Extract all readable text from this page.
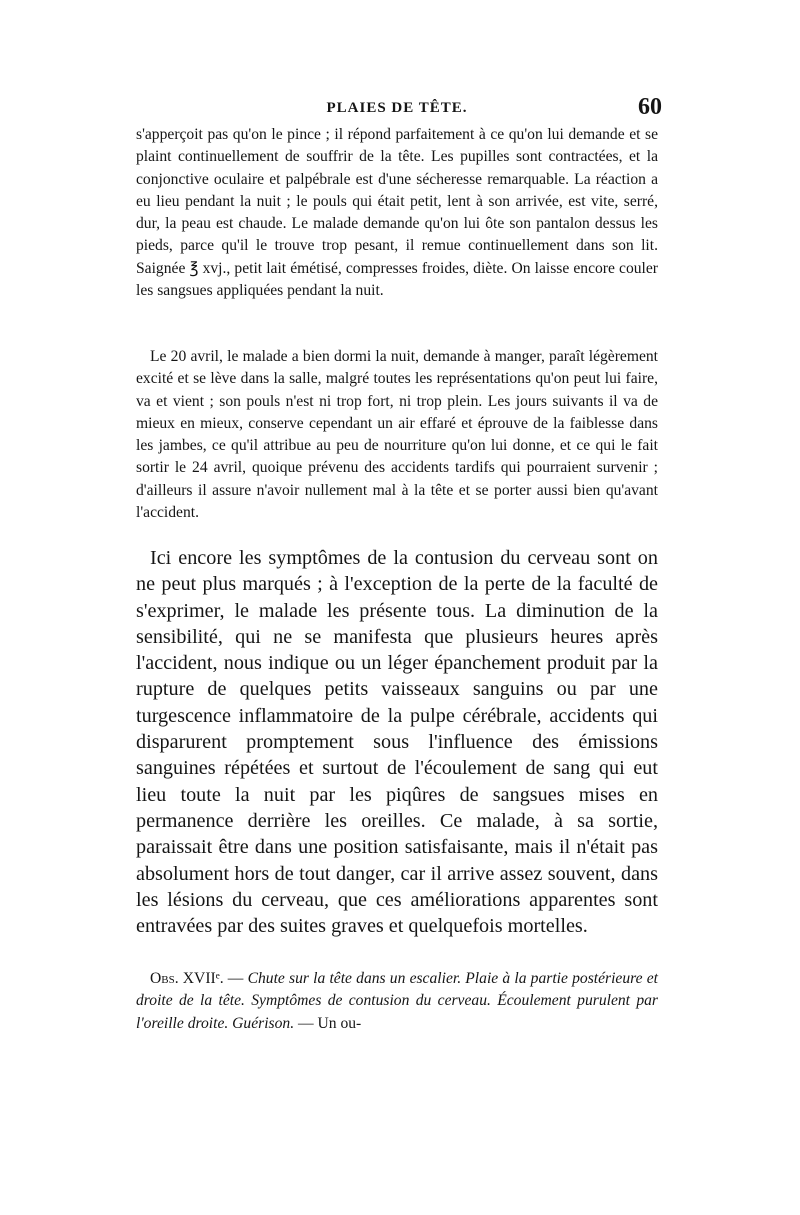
PLAIES DE TÊTE.	60

s'apperçoit pas qu'on le pince ; il répond parfaitement à ce qu'on lui demande et se plaint continuellement de souffrir de la tête. Les pupilles sont contractées, et la conjonctive oculaire et palpébrale est d'une sécheresse remarquable. La réaction a eu lieu pendant la nuit ; le pouls qui était petit, lent à son arrivée, est vite, serré, dur, la peau est chaude. Le malade demande qu'on lui ôte son pantalon dessus les pieds, parce qu'il le trouve trop pesant, il remue continuellement dans son lit. Saignée ℥ xvj., petit lait émétisé, compresses froides, diète. On laisse encore couler les sangsues appliquées pendant la nuit.

Le 20 avril, le malade a bien dormi la nuit, demande à manger, paraît légèrement excité et se lève dans la salle, malgré toutes les représentations qu'on peut lui faire, va et vient ; son pouls n'est ni trop fort, ni trop plein. Les jours suivants il va de mieux en mieux, conserve cependant un air effaré et éprouve de la faiblesse dans les jambes, ce qu'il attribue au peu de nourriture qu'on lui donne, et ce qui le fait sortir le 24 avril, quoique prévenu des accidents tardifs qui pourraient survenir ; d'ailleurs il assure n'avoir nullement mal à la tête et se porter aussi bien qu'avant l'accident.

Ici encore les symptômes de la contusion du cerveau sont on ne peut plus marqués ; à l'exception de la perte de la faculté de s'exprimer, le malade les présente tous. La diminution de la sensibilité, qui ne se manifesta que plusieurs heures après l'accident, nous indique ou un léger épanchement produit par la rupture de quelques petits vaisseaux sanguins ou par une turgescence inflammatoire de la pulpe cérébrale, accidents qui disparurent promptement sous l'influence des émissions sanguines répétées et surtout de l'écoulement de sang qui eut lieu toute la nuit par les piqûres de sangsues mises en permanence derrière les oreilles. Ce malade, à sa sortie, paraissait être dans une position satisfaisante, mais il n'était pas absolument hors de tout danger, car il arrive assez souvent, dans les lésions du cerveau, que ces améliorations apparentes sont entravées par des suites graves et quelquefois mortelles.

Obs. XVIIᵉ. — Chute sur la tête dans un escalier. Plaie à la partie postérieure et droite de la tête. Symptômes de contusion du cerveau. Écoulement purulent par l'oreille droite. Guérison. — Un ou-
